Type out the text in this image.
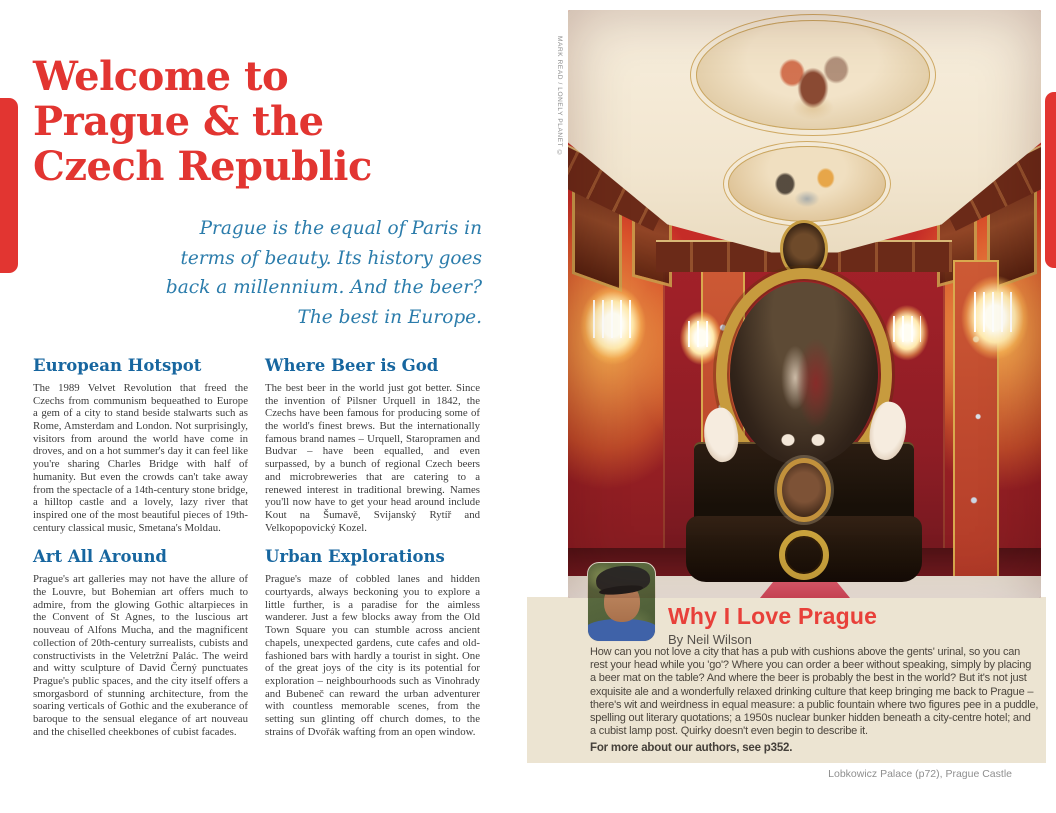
Welcome to
Prague & the
Czech Republic
Prague is the equal of Paris in
terms of beauty. Its history goes
back a millennium. And the beer?
The best in Europe.
European Hotspot

The 1989 Velvet Revolution that freed the Czechs from communism bequeathed to Europe a gem of a city to stand beside stalwarts such as Rome, Amsterdam and London. Not surprisingly, visitors from around the world have come in droves, and on a hot summer's day it can feel like you're sharing Charles Bridge with half of humanity. But even the crowds can't take away from the spectacle of a 14th-century stone bridge, a hilltop castle and a lovely, lazy river that inspired one of the most beautiful pieces of 19th-century classical music, Smetana's Moldau.

Art All Around

Prague's art galleries may not have the allure of the Louvre, but Bohemian art offers much to admire, from the glowing Gothic altarpieces in the Convent of St Agnes, to the luscious art nouveau of Alfons Mucha, and the magnificent collection of 20th-century surrealists, cubists and constructivists in the Veletržní Palác. The weird and witty sculpture of David Černý punctuates Prague's public spaces, and the city itself offers a smorgasbord of stunning architecture, from the soaring verticals of Gothic and the exuberance of baroque to the sensual elegance of art nouveau and the chiselled cheekbones of cubist facades.

Where Beer is God

The best beer in the world just got better. Since the invention of Pilsner Urquell in 1842, the Czechs have been famous for producing some of the world's finest brews. But the internationally famous brand names – Urquell, Staropramen and Budvar – have been equalled, and even surpassed, by a bunch of regional Czech beers and microbreweries that are catering to a renewed interest in traditional brewing. Names you'll now have to get your head around include Kout na Šumavě, Svijanský Rytíř and Velkopopovický Kozel.

Urban Explorations

Prague's maze of cobbled lanes and hidden courtyards, always beckoning you to explore a little further, is a paradise for the aimless wanderer. Just a few blocks away from the Old Town Square you can stumble across ancient chapels, unexpected gardens, cute cafes and old-fashioned bars with hardly a tourist in sight. One of the great joys of the city is its potential for exploration – neighbourhoods such as Vinohrady and Bubeneč can reward the urban adventurer with countless memorable scenes, from the setting sun glinting off church domes, to the strains of Dvořák wafting from an open window.

MARK READ / LONELY PLANET ©
Why I Love Prague
By Neil Wilson

How can you not love a city that has a pub with cushions above the gents' urinal, so you can rest your head while you 'go'? Where you can order a beer without speaking, simply by placing a beer mat on the table? And where the beer is probably the best in the world? But it's not just exquisite ale and a wonderfully relaxed drinking culture that keep bringing me back to Prague – there's wit and weirdness in equal measure: a public fountain where two figures pee in a puddle, spelling out literary quotations; a 1950s nuclear bunker hidden beneath a city-centre hotel; and a cubist lamp post. Quirky doesn't even begin to describe it.

For more about our authors, see p352.

Lobkowicz Palace (p72), Prague Castle
